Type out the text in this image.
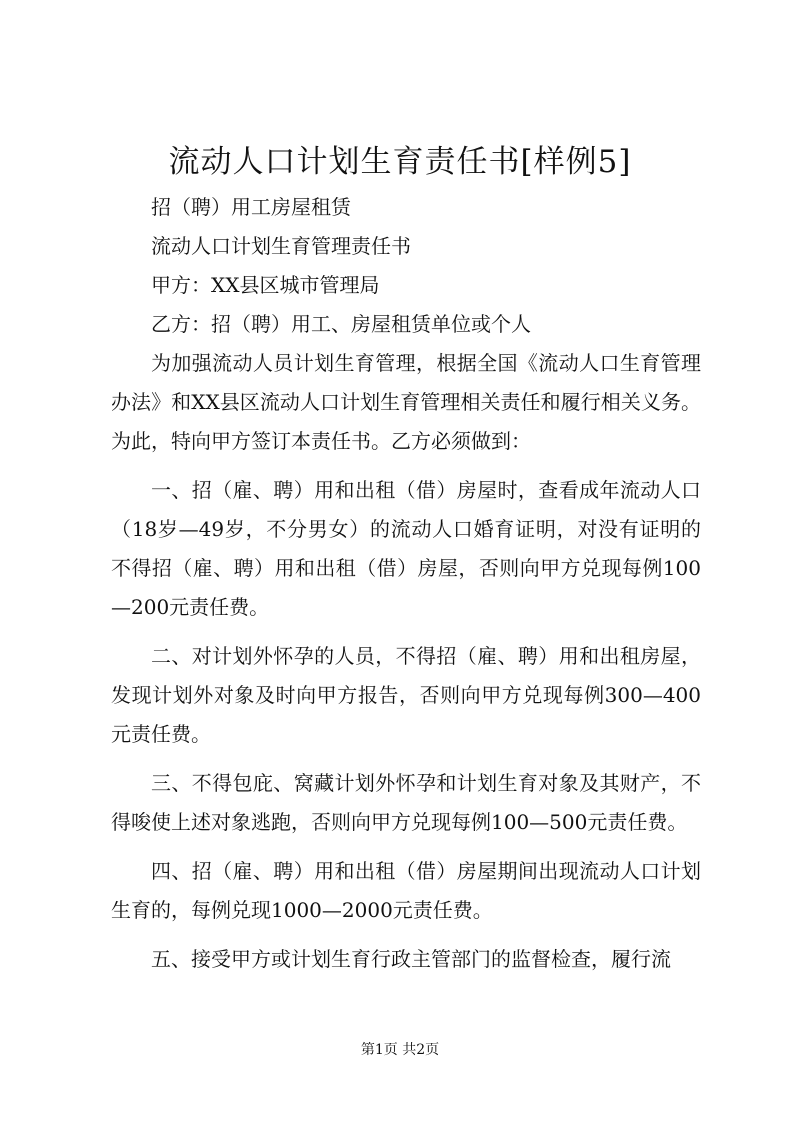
流动人口计划生育责任书[样例5]

招（聘）用工房屋租赁

流动人口计划生育管理责任书

甲方：XX县区城市管理局

乙方：招（聘）用工、房屋租赁单位或个人

为加强流动人员计划生育管理，根据全国《流动人口生育管理办法》和XX县区流动人口计划生育管理相关责任和履行相关义务。为此，特向甲方签订本责任书。乙方必须做到：

一、招（雇、聘）用和出租（借）房屋时，查看成年流动人口（18岁—49岁，不分男女）的流动人口婚育证明，对没有证明的不得招（雇、聘）用和出租（借）房屋，否则向甲方兑现每例100—200元责任费。

二、对计划外怀孕的人员，不得招（雇、聘）用和出租房屋，发现计划外对象及时向甲方报告，否则向甲方兑现每例300—400元责任费。

三、不得包庇、窝藏计划外怀孕和计划生育对象及其财产，不得唆使上述对象逃跑，否则向甲方兑现每例100—500元责任费。

四、招（雇、聘）用和出租（借）房屋期间出现流动人口计划生育的，每例兑现1000—2000元责任费。

五、接受甲方或计划生育行政主管部门的监督检查，履行流

第1页 共2页
